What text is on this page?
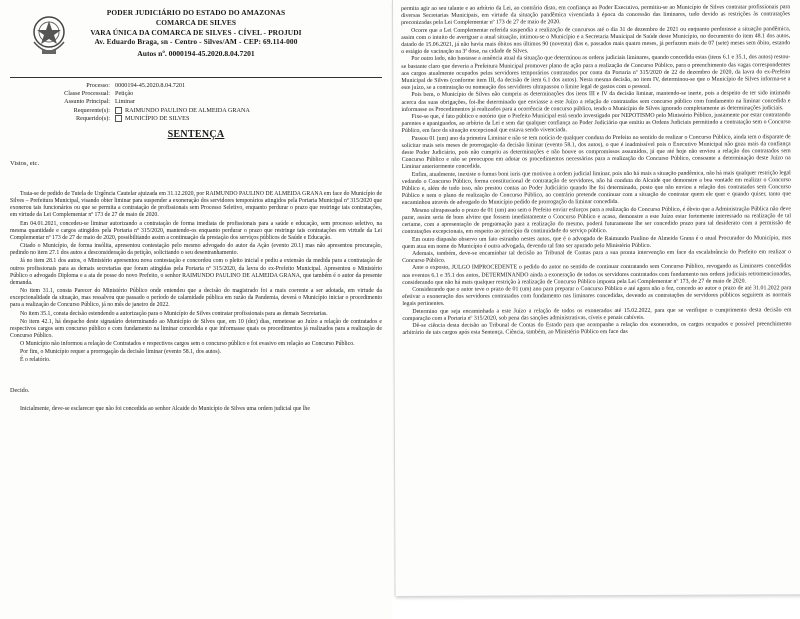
PODER JUDICIÁRIO DO ESTADO DO AMAZONAS
COMARCA DE SILVES
VARA ÚNICA DA COMARCA DE SILVES - CÍVEL - PROJUDI
Av. Eduardo Braga, sn - Centro - Silves/AM - CEP: 69.114-000
Autos nº. 0000194-45.2020.8.04.7201
Processo: 0000194-45.2020.8.04.7201
Classe Processual: Petição
Assunto Principal: Liminar
Requerente(s):	RAIMUNDO PAULINO DE ALMEIDA GRANA
Requerido(s):	MUNICÍPIO DE SILVES
SENTENÇA
Vistos, etc.

Trata-se de pedido de Tutela de Urgência Cautelar ajuizada em 31.12.2020, por RAIMUNDO PAULINO DE ALMEIDA GRANA em face do Município de Silves – Prefeitura Municipal, visando obter liminar para suspender a exoneração dos servidores temporários atingidos pela Portaria Municipal nº 315/2020 que exonerou tais funcionários ou que se permita a contratação de profissionais sem Processo Seletivo, enquanto perdurar o prazo que restringe tais contratações, em virtude da Lei Complementar nº 173 de 27 de maio de 2020.

Em 04.01.2021, concedeu-se liminar autorizando a contratação de forma imediata de profissionais para a saúde e educação, sem processo seletivo, na mesma quantidade e cargos atingidos pela Portaria nº 315/2020, mantendo-os enquanto perdurar o prazo que restringe tais contratações em virtude da Lei Complementar nº 173 de 27 de maio de 2020, possibilitando assim a continuação da prestação dos serviços públicos de Saúde e Educação.

Citado o Município, de forma insólita, apresentou contestação pelo mesmo advogado do autor da Ação (evento 20.1) mas não apresentou procuração, pedindo no item 27.1 dos autos a desconsideração da petição, solicitando o seu desentranhamento.

Já no item 28.1 dos autos, o Ministério apresentou nova contestação e concordou com o pleito inicial e pediu a extensão da medida para a contratação de outros profissionais para as demais secretarias que foram atingidas pela Portaria nº 315/2020, da lavra do ex-Prefeito Municipal. Apresentou o Ministério Público o advogado Diploma e a ata de posse do novo Prefeito, o senhor RAIMUNDO PAULINO DE ALMEIDA GRANA, que também é o autor da presente demanda.

No item 31.1, consta Parecer do Ministério Público onde entendeu que a decisão do magistrado foi a mais coerente a ser adotada, em virtude da excepcionalidade da situação, mas ressalvou que passado o período de calamidade pública em razão da Pandemia, deverá o Município iniciar o procedimento para a realização de Concurso Público, já no mês de janeiro de 2022.

No item 35.1, consta decisão estendendo a autorização para o Município de Silves contratar profissionais para as demais Secretarias.

No item 42.1, há despacho deste signatário determinando ao Município de Silves que, em 10 (dez) dias, remetesse ao Juízo a relação de contratados e respectivos cargos sem concurso público e com fundamento na liminar concedida e que informasse quais os procedimentos já realizados para a realização de Concurso Público.

O Município não informou a relação de Contratados e respectivos cargos sem o concurso público e foi evasivo em relação ao Concurso Público.

Por fim, o Município requer a prorrogação da decisão liminar (evento 58.1, dos autos).

É o relatório.

Decido.

Inicialmente, deve-se esclarecer que não foi concedida ao senhor Alcaide do Município de Silves uma ordem judicial que lhe

permita agir ao seu talante e ao arbítrio da Lei, ao contrário disto, em confiança ao Poder Executivo, permitiu-se ao Município de Silves contratar profissionais para diversas Secretarias Municipais, em virtude da situação pandêmica vivenciada à época da concessão das liminares, tudo devido as restrições às contratações preconizadas pela Lei Complementar nº 173 de 27 de maio de 2020.

Ocorre que a Lei Complementar referida suspendia a realização de concursos até o dia 31 de dezembro de 2021 ou enquanto perdurasse a situação pandêmica, assim com o intuito de averiguar a atual situação, intimou-se o Município e a Secretaria Municipal de Saúde deste Município, no documento do item 48.1 dos autos, datado de 15.06.2021, já não havia mais óbitos nos últimos 90 (noventa) dias e, passados mais quatro meses, já perfazem mais de 07 (sete) meses sem óbito, estando o estágio de vacinação na 3ª dose, na cidade de Silves.

Por outro lado, não bastasse a ausência atual da situação que determinou as ordens judiciais liminares, quando concedida estas (itens 6.1 e 35.1, dos autos) restou-se bastante claro que deveria a Prefeitura Municipal promover plano de ação para a realização de Concurso Público, para o preenchimento das vagas correspondentes aos cargos atualmente ocupados pelos servidores temporários contratados por conta da Portaria nº 315/2020 de 22 de dezembro de 2020, da lavra do ex-Prefeito Municipal de Silves (conforme item III, da decisão de item 6.1 dos autos). Nesta mesma decisão, no item IV, determinou-se que o Município de Silves informa-se a este juízo, se a contratação ou nomeação dos servidores ultrapassou o limite legal de gastos com o pessoal.

Pois bem, o Município de Silves não cumpriu as determinações dos itens III e IV da decisão liminar, mantendo-se inerte, pois a despeito de ter sido intimado acerca das suas obrigações, foi-lhe determinado que enviasse a este Juízo a relação de contratados sem concurso público com fundamento na liminar concedida e informasse os Procedimentos já realizados para a ocorrência de concurso público, tendo o Município de Silves ignorado completamente as determinações judiciais.

Fixe-se que, é fato público e notório que o Prefeito Municipal está sendo investigado por NEPOTISMO pelo Ministério Público, justamente por estar contratando parentes e apaniguados, ao arbítrio da Lei e sem dar qualquer confiança ao Poder Judiciário que emitiu as Ordens Judiciais permitindo a contratação sem o Concurso Público, em face da situação excepcional que estava sendo vivenciada.

Passou 01 (um) ano da primeira Liminar e não se tem notícia de qualquer conduta do Prefeito no sentido de realizar o Concurso Público, ainda tem o disparate de solicitar mais seis meses de prorrogação da decisão liminar (evento 58.1, dos autos), o que é inadmissível pois o Executivo Municipal não goza mais da confiança deste Poder Judiciário, pois não cumpriu as determinações e não houve os compromissos assumidos, já que até hoje não enviou a relação dos contratados sem Concurso Público e não se preocupou em adotar os procedimentos necessários para a realização do Concurso Público, consoante a determinação deste Juízo na Liminar anteriormente concedida.

Enfim, atualmente, inexiste o fumus boni iuris que motivou a ordem judicial liminar, pois não há mais a situação pandêmica, não há mais qualquer restrição legal vedando o Concurso Público, forma constitucional de contratação de servidores, não há conduta do Alcaide que demonstre a boa vontade em realizar o Concurso Público e, além de tudo isso, não prestou contas ao Poder Judiciário quando lhe foi determinado, posto que não enviou a relação dos contratados sem Concurso Público e nem o plano de realização do Concurso Público, ao contrário pretende continuar com a situação de contratar quem ele quer e quando quiser, tanto que encaminhou através de advogado do Município pedido de prorrogação da liminar concedida.

Mesmo ultrapassado o prazo de 01 (um) ano sem o Prefeito enviar esforços para a realização do Concurso Público, é óbvio que a Administração Pública não deve parar, assim seria de bom alvitre que fossem imediatamente o Concurso Público e acaso, demonstre a este Juízo estar fortemente interessado na realização de tal certame, com a apresentação de programação para a realização do mesmo, poderá futuramente lhe ser concedido prazo para tal desiderato com a permissão de contratações excepcionais, em respeito ao princípio da continuidade do serviço público.

Em outro diapasão observo um fato estranho nestes autos, que é o advogado de Raimundo Paulino de Almeida Grana é o atual Procurador do Município, mas quem atua em nome do Município é outra advogada, devendo tal fato ser apurado pelo Ministério Público.

Ademais, também, deve-se encaminhar tal decisão ao Tribunal de Contas para a sua pronta intervenção em face da escalabrância do Prefeito em realizar o Concurso Público.

Ante o exposto, JULGO IMPROCEDENTE o pedido do autor no sentido de continuar contratando sem Concurso Público, revogando as Liminares concedidas nos eventos 6.1 e 35.1 dos autos, DETERMINANDO ainda a exoneração de todos os servidores contratados com fundamento nas ordens judiciais retromencionadas, considerando que não há mais qualquer restrição à realização de Concurso Público imposta pela Lei Complementar nº 173, de 27 de maio de 2020.

Considerando que o autor teve o prazo de 01 (um) ano para preparar o Concurso Público e até agora não o fez, concedo ao autor o prazo de até 31.01.2022 para efetivar a exoneração dos servidores contratados com fundamento nas liminares concedidas, devendo as contratações de servidores públicos seguirem as normais legais pertinentes.

Determino que seja encaminhada a este Juízo a relação de todos os exonerados até 15.02.2022, para que se verifique o cumprimento desta decisão em comparação com a Portaria nº 315/2020, sob pena das sanções administrativas, cíveis e penais cabíveis.

Dê-se ciência desta decisão ao Tribunal de Contas do Estado para que acompanhe a relação dos exonerados, os cargos ocupados e possível preenchimento arbitrário de tais cargos após esta Sentença. Ciência, também, ao Ministério Público em face das
